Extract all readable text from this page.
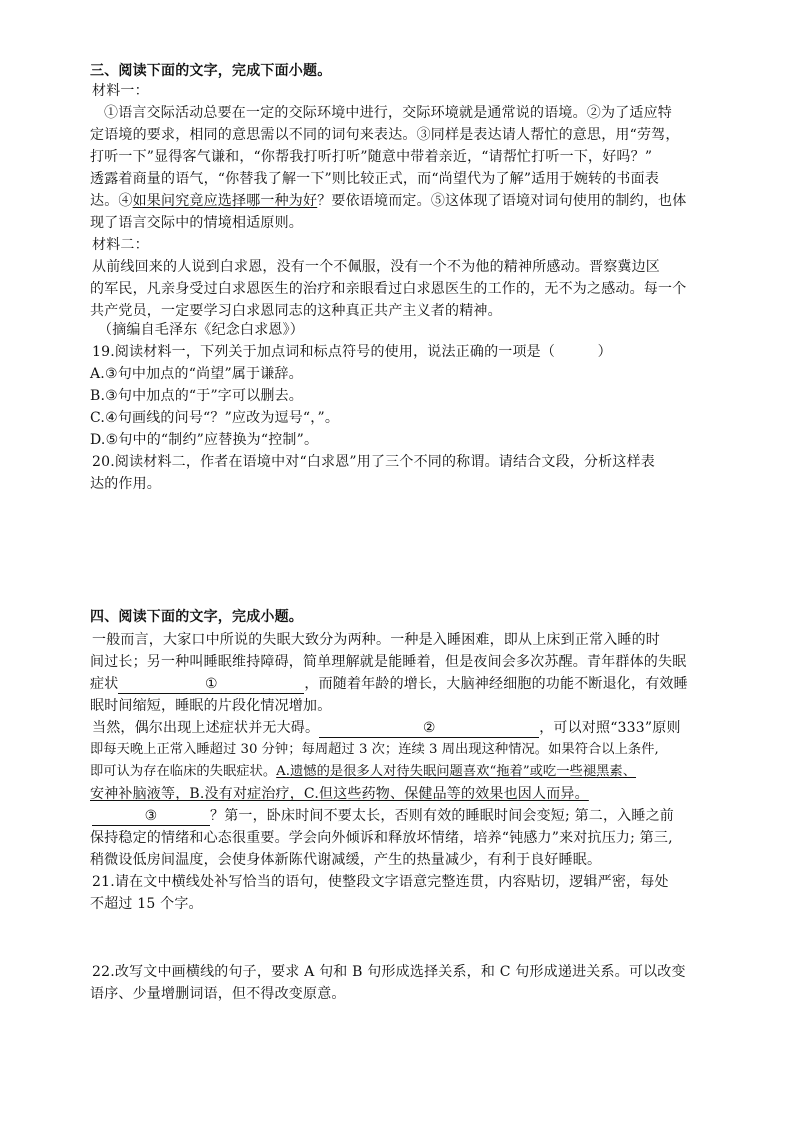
三、阅读下面的文字，完成下面小题。
材料一：
①语言交际活动总要在一定的交际环境中进行，交际环境就是通常说的语境。②为了适应特
定语境的要求，相同的意思需以不同的词句来表达。③同样是表达请人帮忙的意思，用“劳驾，
打听一下”显得客气谦和，“你帮我打听打听”随意中带着亲近，“请帮忙打听一下，好吗？”
透露着商量的语气，“你替我了解一下”则比较正式，而“尚望代为了解”适用于婉转的书面表
达。④如果问究竟应选择哪一种为好？要依语境而定。⑤这体现了语境对词句使用的制约，也体
现了语言交际中的情境相适原则。
材料二：
从前线回来的人说到白求恩，没有一个不佩服，没有一个不为他的精神所感动。晋察冀边区
的军民，凡亲身受过白求恩医生的治疗和亲眼看过白求恩医生的工作的，无不为之感动。每一个
共产党员，一定要学习白求恩同志的这种真正共产主义者的精神。
（摘编自毛泽东《纪念白求恩》）
19.阅读材料一，下列关于加点词和标点符号的使用，说法正确的一项是（　　　）
A.③句中加点的“尚望”属于谦辞。
B.③句中加点的“于”字可以删去。
C.④句画线的问号“？”应改为逗号“，”。
D.⑤句中的“制约”应替换为“控制”。
20.阅读材料二，作者在语境中对“白求恩”用了三个不同的称谓。请结合文段，分析这样表
达的作用。
四、阅读下面的文字，完成小题。
一般而言，大家口中所说的失眠大致分为两种。一种是入睡困难，即从上床到正常入睡的时
间过长；另一种叫睡眠维持障碍，简单理解就是能睡着，但是夜间会多次苏醒。青年群体的失眠
症状	①	，而随着年龄的增长，大脑神经细胞的功能不断退化，有效睡
眠时间缩短，睡眠的片段化情况增加。
当然，偶尔出现上述症状并无大碍。	②	，可以对照“333”原则
即每天晚上正常入睡超过 30 分钟；每周超过 3 次；连续 3 周出现这种情况。如果符合以上条件,
即可认为存在临床的失眠症状。A.遗憾的是很多人对待失眠问题喜欢“拖着”或吃一些褪黑素、
安神补脑液等，B.没有对症治疗，C.但这些药物、保健品等的效果也因人而异。
③	？第一，卧床时间不要太长，否则有效的睡眠时间会变短; 第二，入睡之前
保持稳定的情绪和心态很重要。学会向外倾诉和释放坏情绪，培养“钝感力”来对抗压力; 第三,
稍微设低房间温度，会使身体新陈代谢减缓，产生的热量减少，有利于良好睡眠。
21.请在文中横线处补写恰当的语句，使整段文字语意完整连贯，内容贴切，逻辑严密，每处
不超过 15 个字。
22.改写文中画横线的句子，要求 A 句和 B 句形成选择关系，和 C 句形成递进关系。可以改变
语序、少量增删词语，但不得改变原意。
